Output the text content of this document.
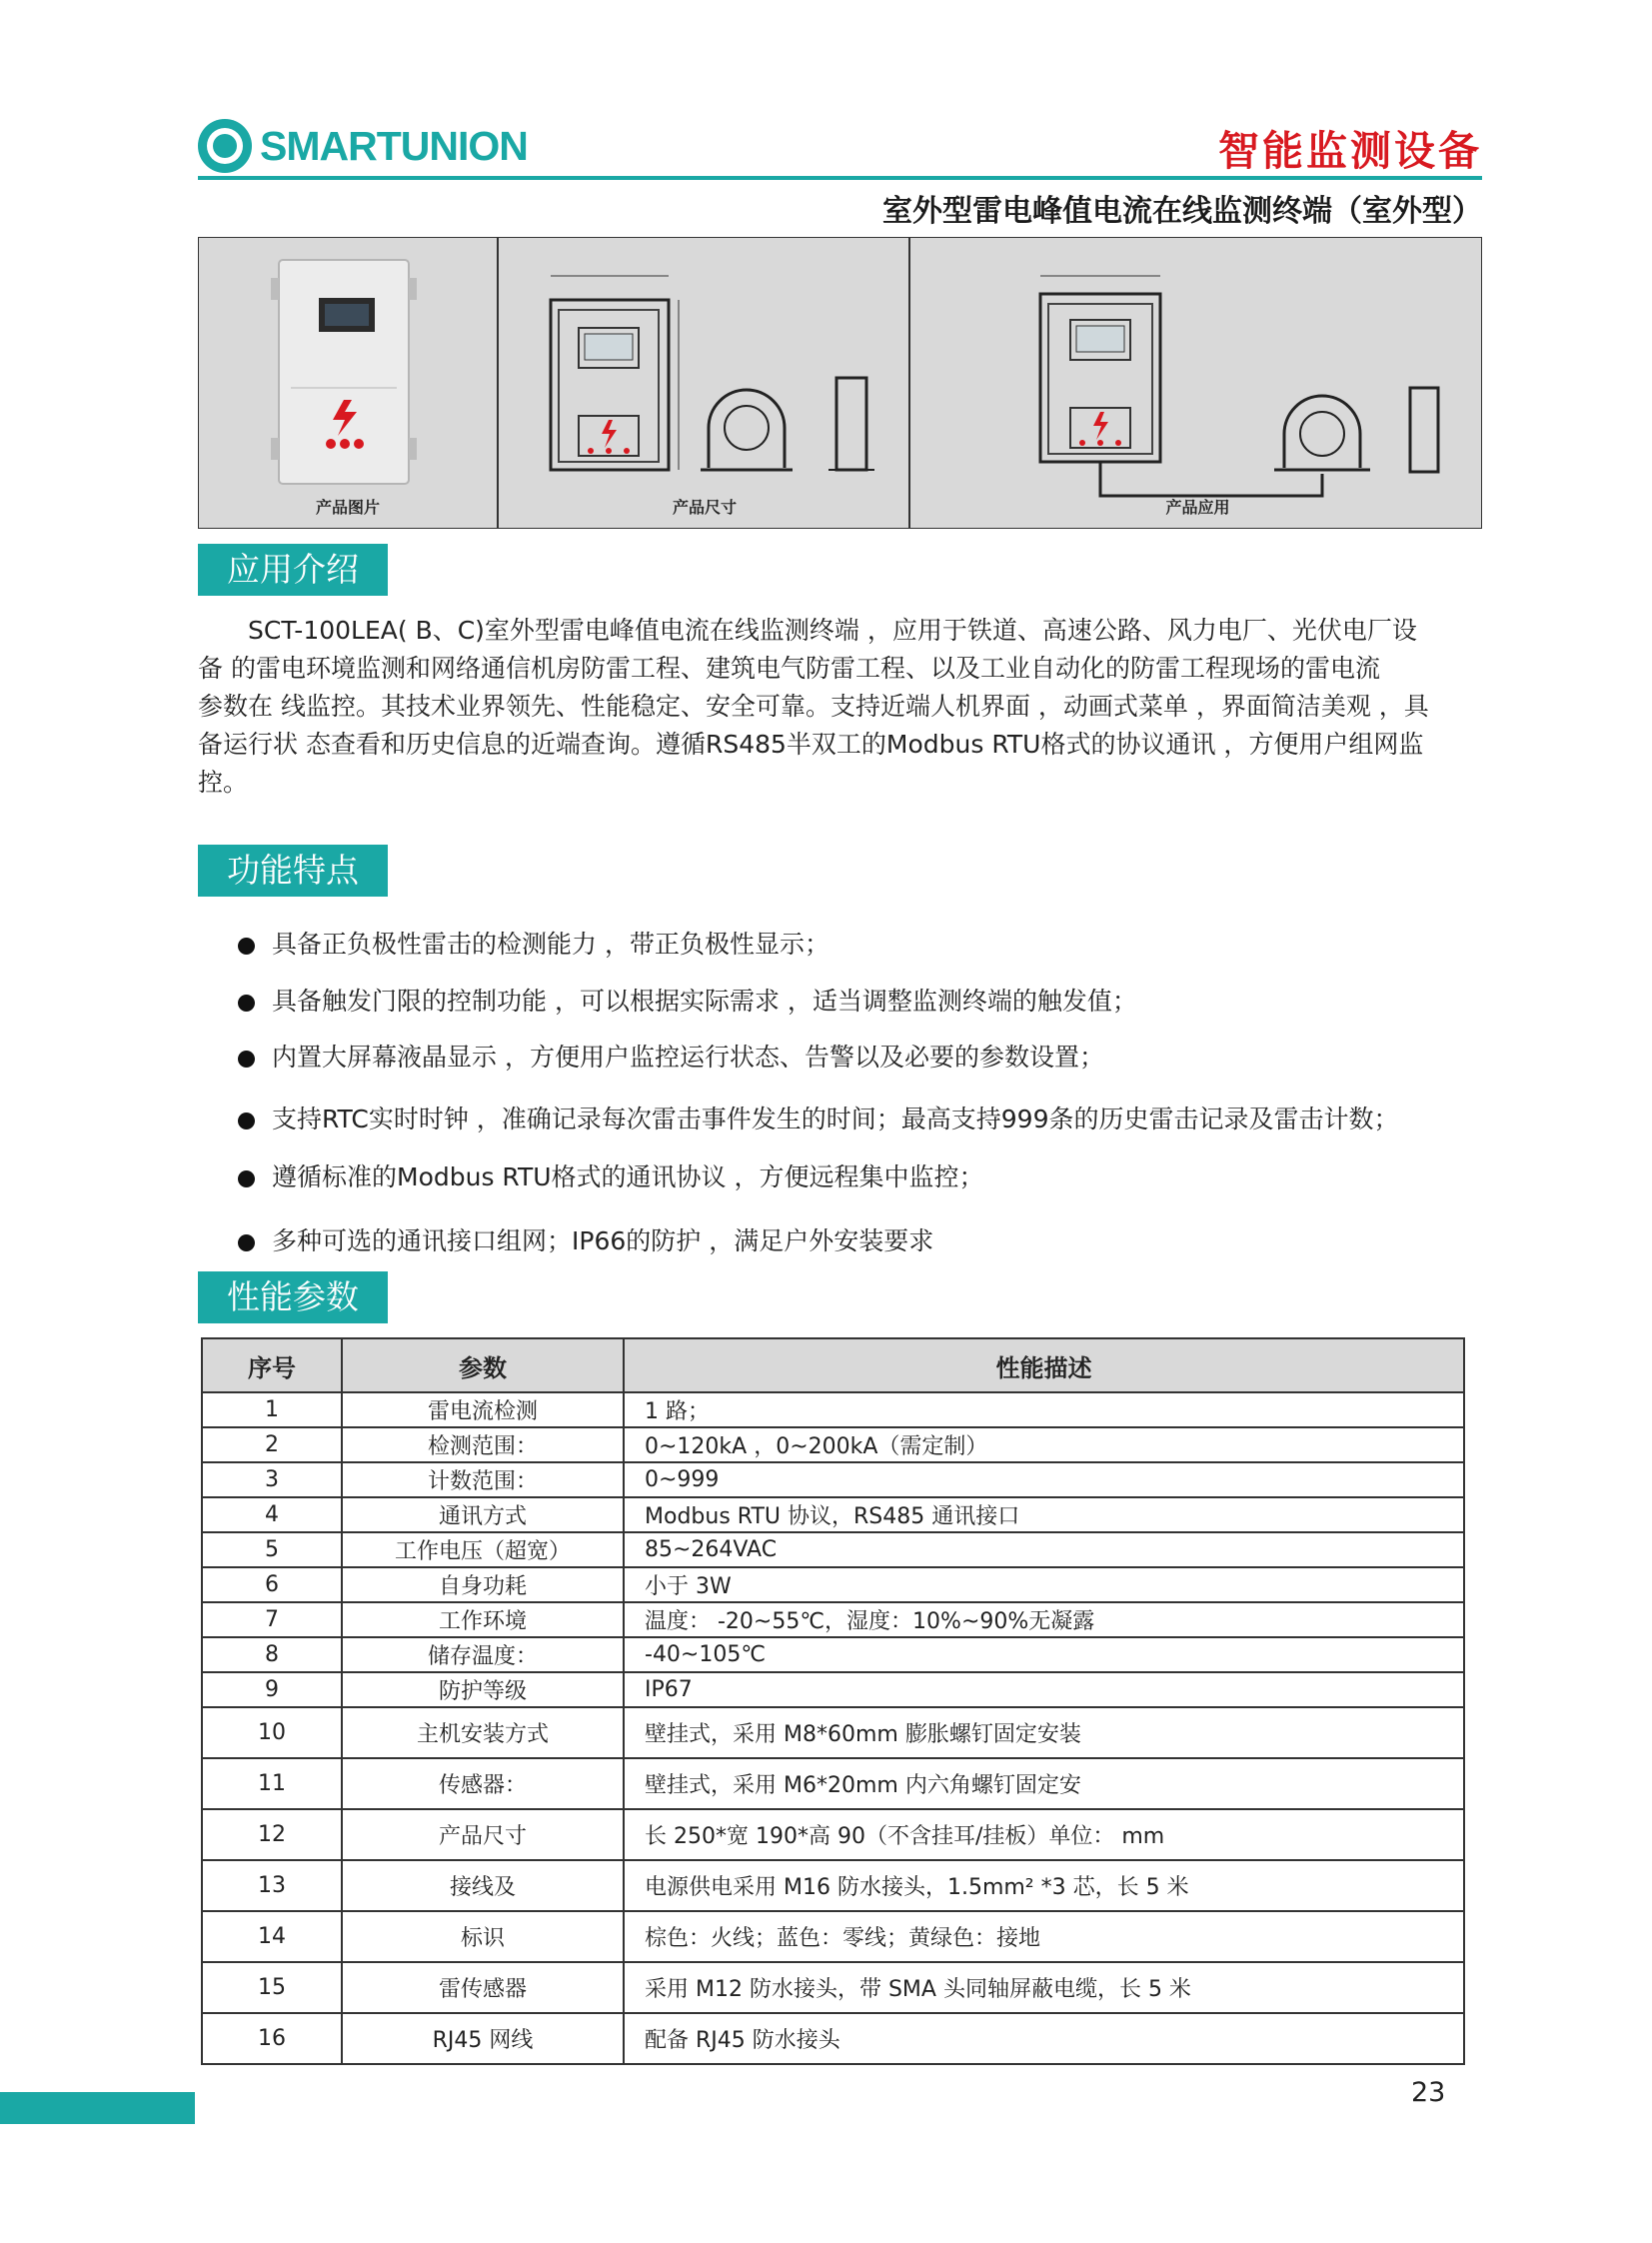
SMARTUNION	智能监测设备
室外型雷电峰值电流在线监测终端（室外型）
产品图片	产品尺寸	产品应用
应用介绍
SCT-100LEA( B、C)室外型雷电峰值电流在线监测终端 ，应用于铁道、高速公路、风力电厂、光伏电厂设
备 的雷电环境监测和网络通信机房防雷工程、建筑电气防雷工程、以及工业自动化的防雷工程现场的雷电流
参数在 线监控。其技术业界领先、性能稳定、安全可靠。支持近端人机界面 ，动画式菜单 ，界面简洁美观 ，具
备运行状 态查看和历史信息的近端查询。遵循RS485半双工的Modbus RTU格式的协议通讯 ，方便用户组网监
控。
功能特点
具备正负极性雷击的检测能力 ，带正负极性显示；
具备触发门限的控制功能 ，可以根据实际需求 ，适当调整监测终端的触发值；
内置大屏幕液晶显示 ，方便用户监控运行状态、告警以及必要的参数设置；
支持RTC实时时钟 ，准确记录每次雷击事件发生的时间；最高支持999条的历史雷击记录及雷击计数；
遵循标准的Modbus RTU格式的通讯协议 ，方便远程集中监控；
多种可选的通讯接口组网；IP66的防护 ，满足户外安装要求
性能参数
序号	参数	性能描述
1	雷电流检测	1 路；
2	检测范围：	0~120kA ，0~200kA（需定制）
3	计数范围：	0~999
4	通讯方式	Modbus RTU 协议，RS485 通讯接口
5	工作电压（超宽）	85~264VAC
6	自身功耗	小于 3W
7	工作环境	温度： -20~55℃，湿度：10%~90%无凝露
8	储存温度：	-40~105℃
9	防护等级	IP67
10	主机安装方式	壁挂式，采用 M8*60mm 膨胀螺钉固定安装
11	传感器：	壁挂式，采用 M6*20mm 内六角螺钉固定安
12	产品尺寸	长 250*宽 190*高 90（不含挂耳/挂板）单位： mm
13	接线及	电源供电采用 M16 防水接头，1.5mm² *3 芯，长 5 米
14	标识	棕色：火线；蓝色：零线；黄绿色：接地
15	雷传感器	采用 M12 防水接头，带 SMA 头同轴屏蔽电缆，长 5 米
16	RJ45 网线	配备 RJ45 防水接头
23
